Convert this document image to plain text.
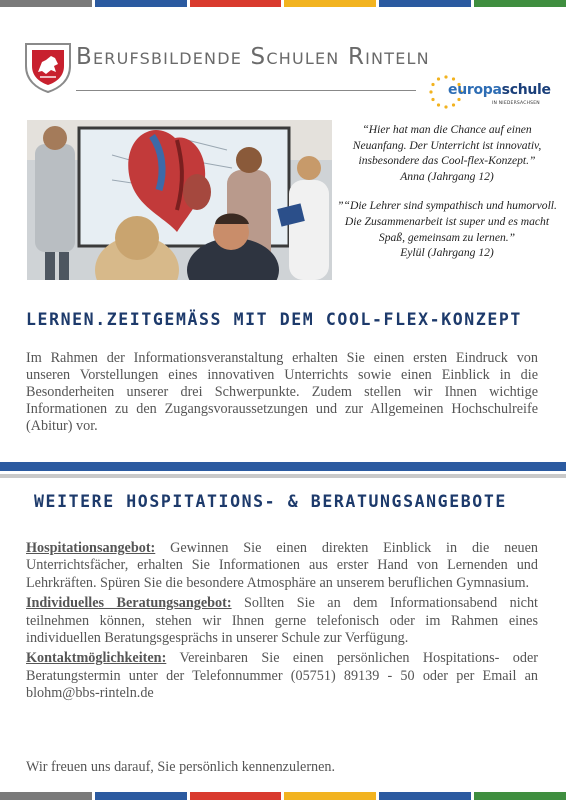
Berufsbildende Schulen Rinteln
europaschule
IN NIEDERSACHSEN

“Hier hat man die Chance auf einen Neuanfang. Der Unterricht ist innovativ, insbesondere das Cool-flex-Konzept.”
Anna (Jahrgang 12)

”“Die Lehrer sind sympathisch und humorvoll. Die Zusammenarbeit ist super und es macht Spaß, gemeinsam zu lernen.”
Eylül (Jahrgang 12)

LERNEN.ZEITGEMÄSS MIT DEM COOL-FLEX-KONZEPT
Im Rahmen der Informationsveranstaltung erhalten Sie einen ersten Eindruck von unseren Vorstellungen eines innovativen Unterrichts sowie einen Einblick in die Besonderheiten unserer drei Schwerpunkte. Zudem stellen wir Ihnen wichtige Informationen zu den Zugangsvoraussetzungen und zur Allgemeinen Hochschulreife (Abitur) vor.
WEITERE HOSPITATIONS- & BERATUNGSANGEBOTE

Hospitationsangebot: Gewinnen Sie einen direkten Einblick in die neuen Unterrichtsfächer, erhalten Sie Informationen aus erster Hand von Lernenden und Lehrkräften. Spüren Sie die besondere Atmosphäre an unserem beruflichen Gymnasium.

Individuelles Beratungsangebot: Sollten Sie an dem Informationsabend nicht teilnehmen können, stehen wir Ihnen gerne telefonisch oder im Rahmen eines individuellen Beratungsgesprächs in unserer Schule zur Verfügung.

Kontaktmöglichkeiten: Vereinbaren Sie einen persönlichen Hospitations- oder Beratungstermin unter der Telefonnummer (05751) 89139 - 50 oder per Email an blohm@bbs-rinteln.de

Wir freuen uns darauf, Sie persönlich kennenzulernen.
